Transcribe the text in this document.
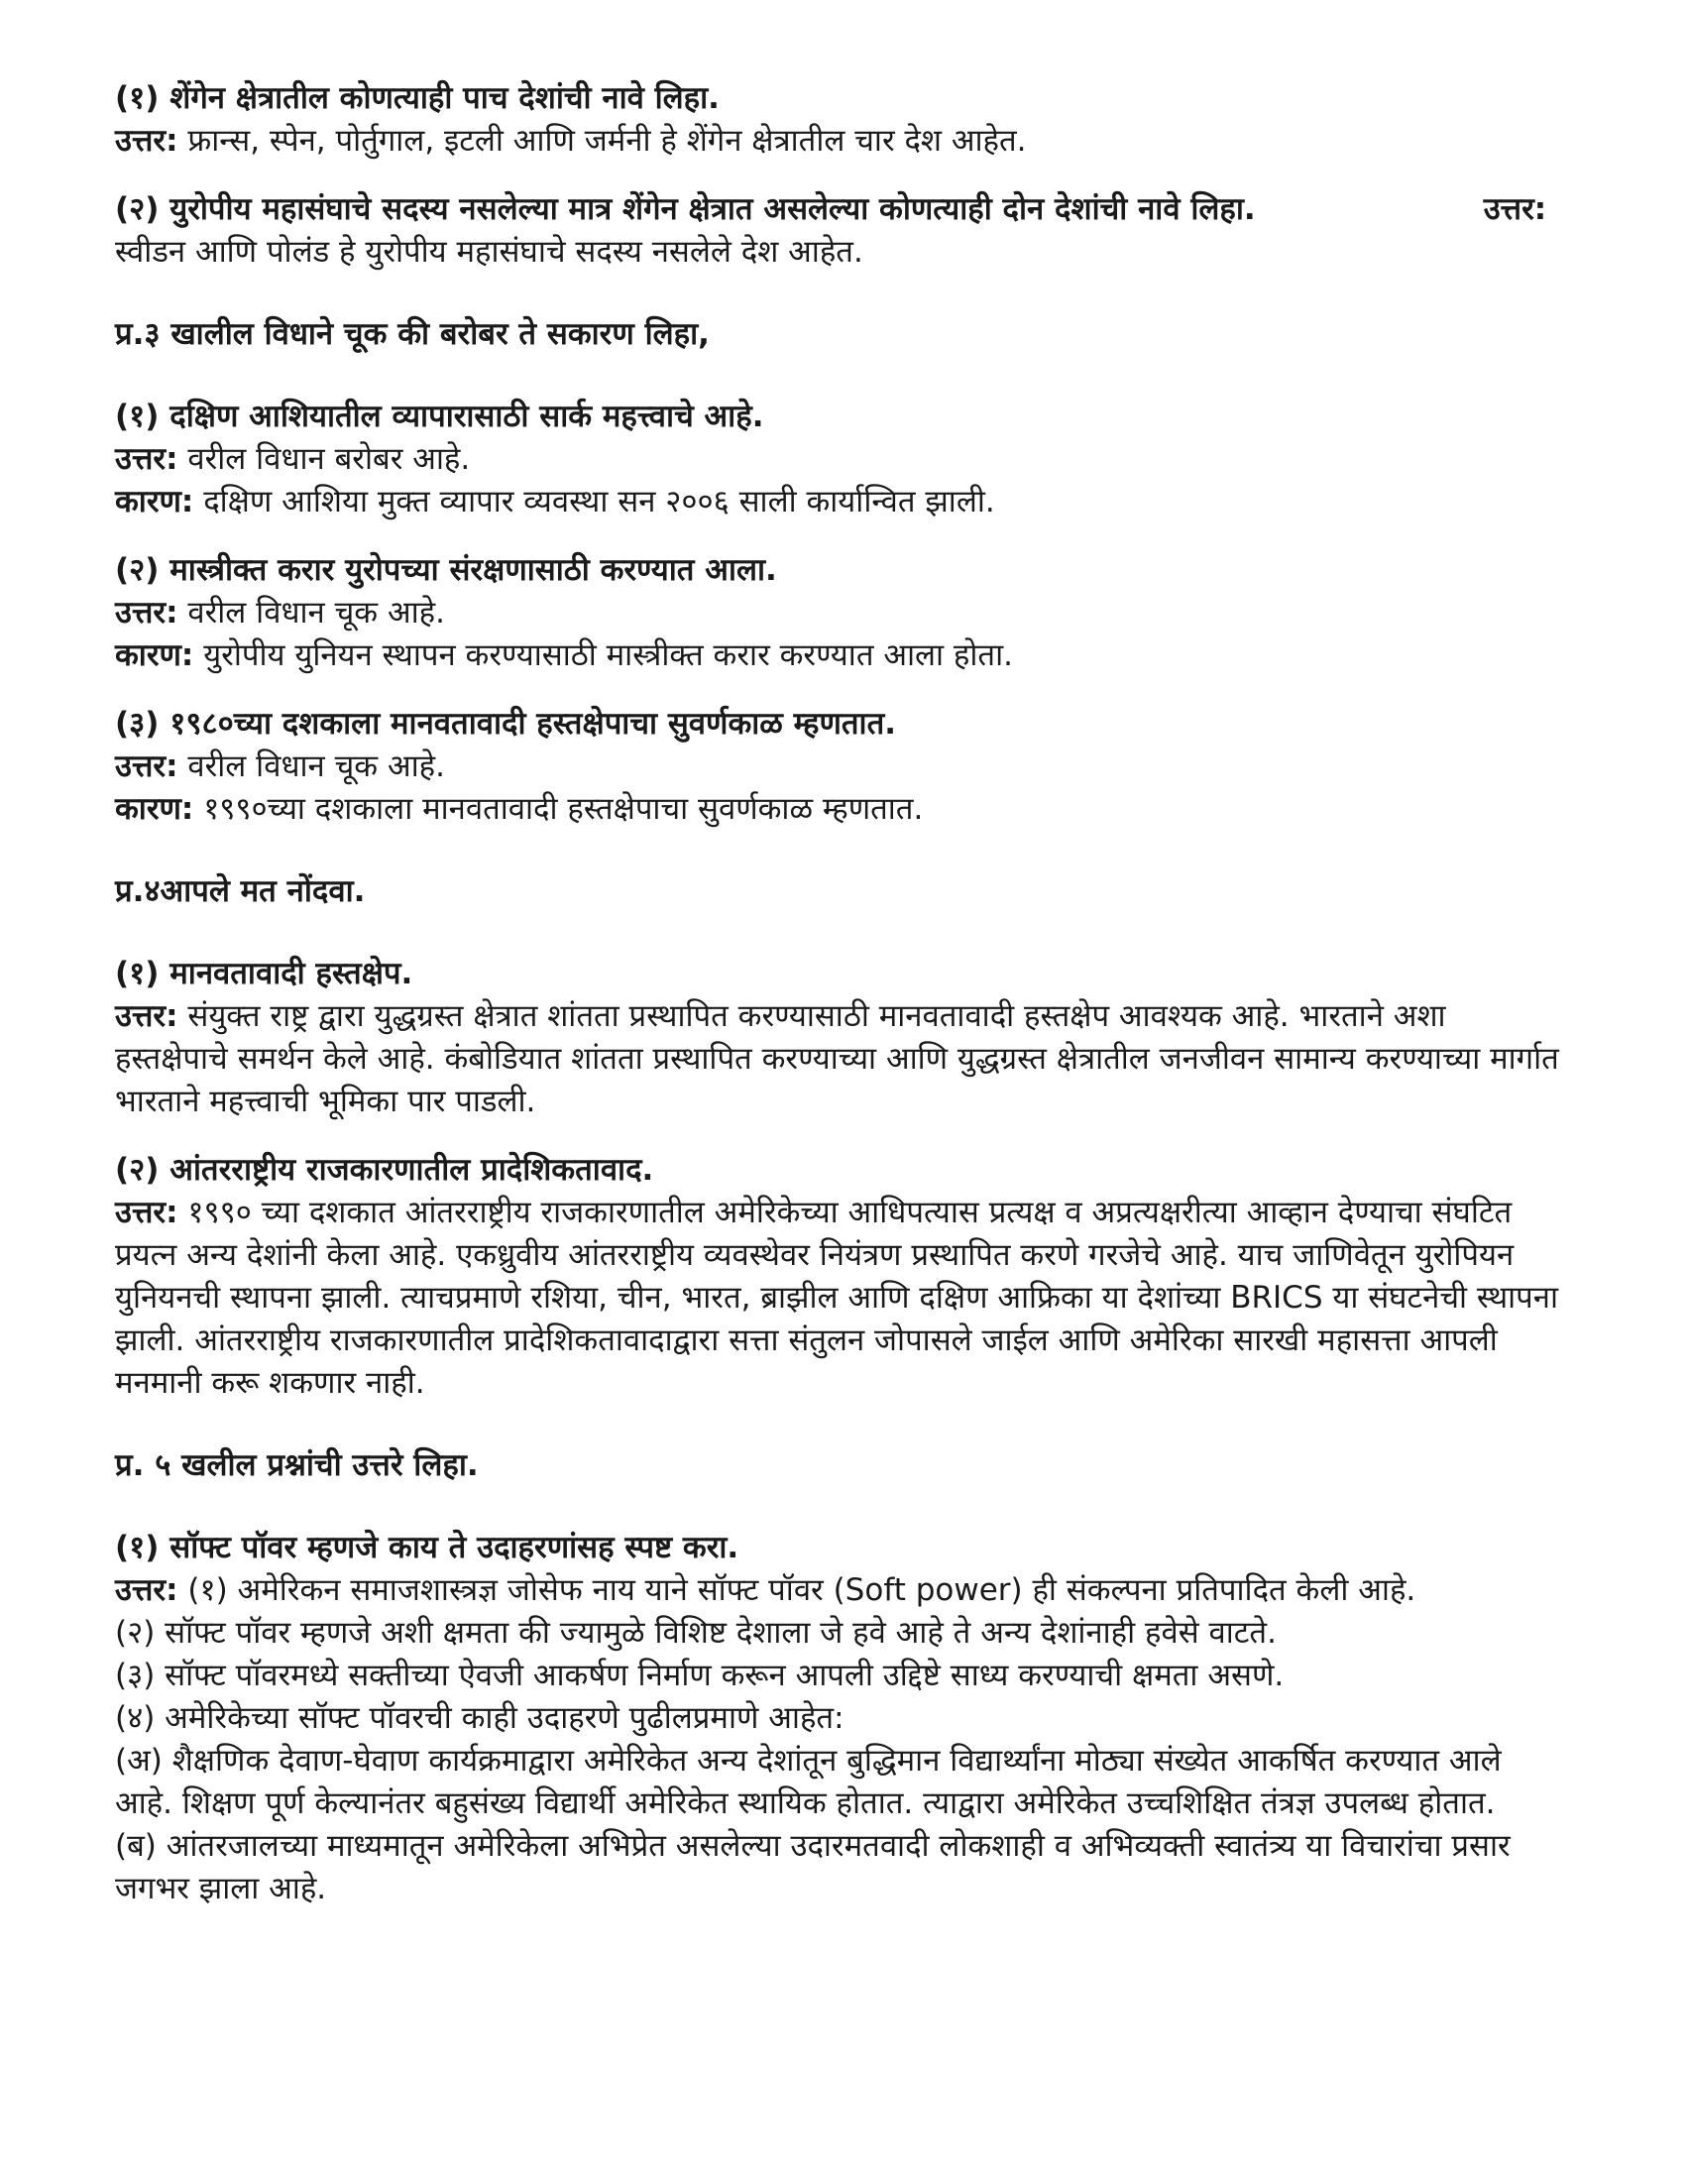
(१) शेंगेन क्षेत्रातील कोणत्याही पाच देशांची नावे लिहा.
उत्तर: फ्रान्स, स्पेन, पोर्तुगाल, इटली आणि जर्मनी हे शेंगेन क्षेत्रातील चार देश आहेत.
(२) युरोपीय महासंघाचे सदस्य नसलेल्या मात्र शेंगेन क्षेत्रात असलेल्या कोणत्याही दोन देशांची नावे लिहा.	उत्तर: स्वीडन आणि पोलंड हे युरोपीय महासंघाचे सदस्य नसलेले देश आहेत.
प्र.३ खालील विधाने चूक की बरोबर ते सकारण लिहा,
(१) दक्षिण आशियातील व्यापारासाठी सार्क महत्त्वाचे आहे.
उत्तर: वरील विधान बरोबर आहे.
कारण: दक्षिण आशिया मुक्त व्यापार व्यवस्था सन २००६ साली कार्यान्वित झाली.
(२) मास्त्रीक्त करार युरोपच्या संरक्षणासाठी करण्यात आला.
उत्तर: वरील विधान चूक आहे.
कारण: युरोपीय युनियन स्थापन करण्यासाठी मास्त्रीक्त करार करण्यात आला होता.
(३) १९८०च्या दशकाला मानवतावादी हस्तक्षेपाचा सुवर्णकाळ म्हणतात.
उत्तर: वरील विधान चूक आहे.
कारण: १९९०च्या दशकाला मानवतावादी हस्तक्षेपाचा सुवर्णकाळ म्हणतात.
प्र.४आपले मत नोंदवा.
(१) मानवतावादी हस्तक्षेप.
उत्तर: संयुक्त राष्ट्र द्वारा युद्धग्रस्त क्षेत्रात शांतता प्रस्थापित करण्यासाठी मानवतावादी हस्तक्षेप आवश्यक आहे. भारताने अशा हस्तक्षेपाचे समर्थन केले आहे. कंबोडियात शांतता प्रस्थापित करण्याच्या आणि युद्धग्रस्त क्षेत्रातील जनजीवन सामान्य करण्याच्या मार्गात भारताने महत्त्वाची भूमिका पार पाडली.
(२) आंतरराष्ट्रीय राजकारणातील प्रादेशिकतावाद.
उत्तर: १९९० च्या दशकात आंतरराष्ट्रीय राजकारणातील अमेरिकेच्या आधिपत्यास प्रत्यक्ष व अप्रत्यक्षरीत्या आव्हान देण्याचा संघटित प्रयत्न अन्य देशांनी केला आहे. एकध्रुवीय आंतरराष्ट्रीय व्यवस्थेवर नियंत्रण प्रस्थापित करणे गरजेचे आहे. याच जाणिवेतून युरोपियन युनियनची स्थापना झाली. त्याचप्रमाणे रशिया, चीन, भारत, ब्राझील आणि दक्षिण आफ्रिका या देशांच्या BRICS या संघटनेची स्थापना झाली. आंतरराष्ट्रीय राजकारणातील प्रादेशिकतावादाद्वारा सत्ता संतुलन जोपासले जाईल आणि अमेरिका सारखी महासत्ता आपली मनमानी करू शकणार नाही.
प्र. ५ खलील प्रश्नांची उत्तरे लिहा.
(१) सॉफ्ट पॉवर म्हणजे काय ते उदाहरणांसह स्पष्ट करा.
उत्तर: (१) अमेरिकन समाजशास्त्रज्ञ जोसेफ नाय याने सॉफ्ट पॉवर (Soft power) ही संकल्पना प्रतिपादित केली आहे.
(२) सॉफ्ट पॉवर म्हणजे अशी क्षमता की ज्यामुळे विशिष्ट देशाला जे हवे आहे ते अन्य देशांनाही हवेसे वाटते.
(३) सॉफ्ट पॉवरमध्ये सक्तीच्या ऐवजी आकर्षण निर्माण करून आपली उद्दिष्टे साध्य करण्याची क्षमता असणे.
(४) अमेरिकेच्या सॉफ्ट पॉवरची काही उदाहरणे पुढीलप्रमाणे आहेत:
(अ) शैक्षणिक देवाण-घेवाण कार्यक्रमाद्वारा अमेरिकेत अन्य देशांतून बुद्धिमान विद्यार्थ्यांना मोठ्या संख्येत आकर्षित करण्यात आले आहे. शिक्षण पूर्ण केल्यानंतर बहुसंख्य विद्यार्थी अमेरिकेत स्थायिक होतात. त्याद्वारा अमेरिकेत उच्चशिक्षित तंत्रज्ञ उपलब्ध होतात.
(ब) आंतरजालच्या माध्यमातून अमेरिकेला अभिप्रेत असलेल्या उदारमतवादी लोकशाही व अभिव्यक्ती स्वातंत्र्य या विचारांचा प्रसार जगभर झाला आहे.
